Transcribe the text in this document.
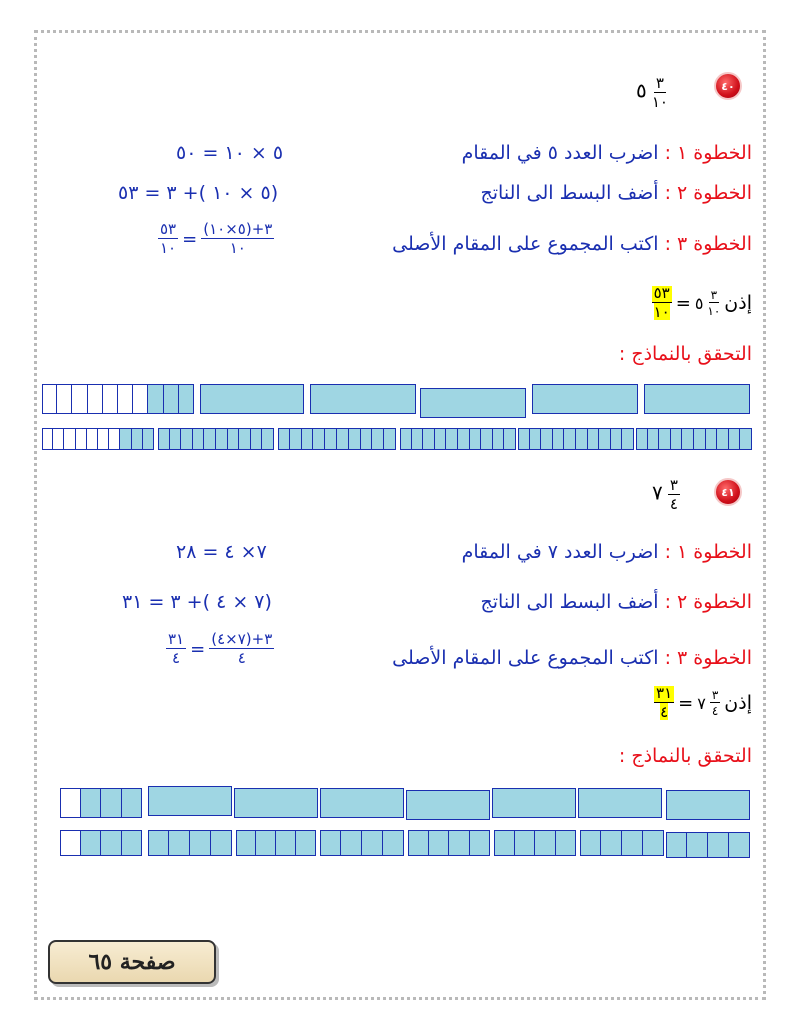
٤٠
٥ $\frac{٣}{١٠}$
الخطوة ١ : اضرب العدد ٥ في المقام
٥ × ١٠ = ٥٠
الخطوة ٢ : أضف البسط الى الناتج
(٥ × ١٠ )+ ٣ = ٥٣
الخطوة ٣ : اكتب المجموع على المقام الأصلى
$\frac{٥٣}{١٠} = \frac{(٥\times ١٠)+٣}{١٠}$
إذن
$\frac{٥٣}{١٠}$ = ٥ $\frac{٣}{١٠}$
التحقق بالنماذج :
٤١
٧ $\frac{٣}{٤}$
الخطوة ١ : اضرب العدد ٧ في المقام
٧× ٤ = ٢٨
الخطوة ٢ : أضف البسط الى الناتج
(٧ × ٤ )+ ٣ = ٣١
الخطوة ٣ : اكتب المجموع على المقام الأصلى
$\frac{٣١}{٤} = \frac{(٧\times ٤)+٣}{٤}$
إذن
$\frac{٣١}{٤}$ = ٧ $\frac{٣}{٤}$
التحقق بالنماذج :
صفحة ٦٥
